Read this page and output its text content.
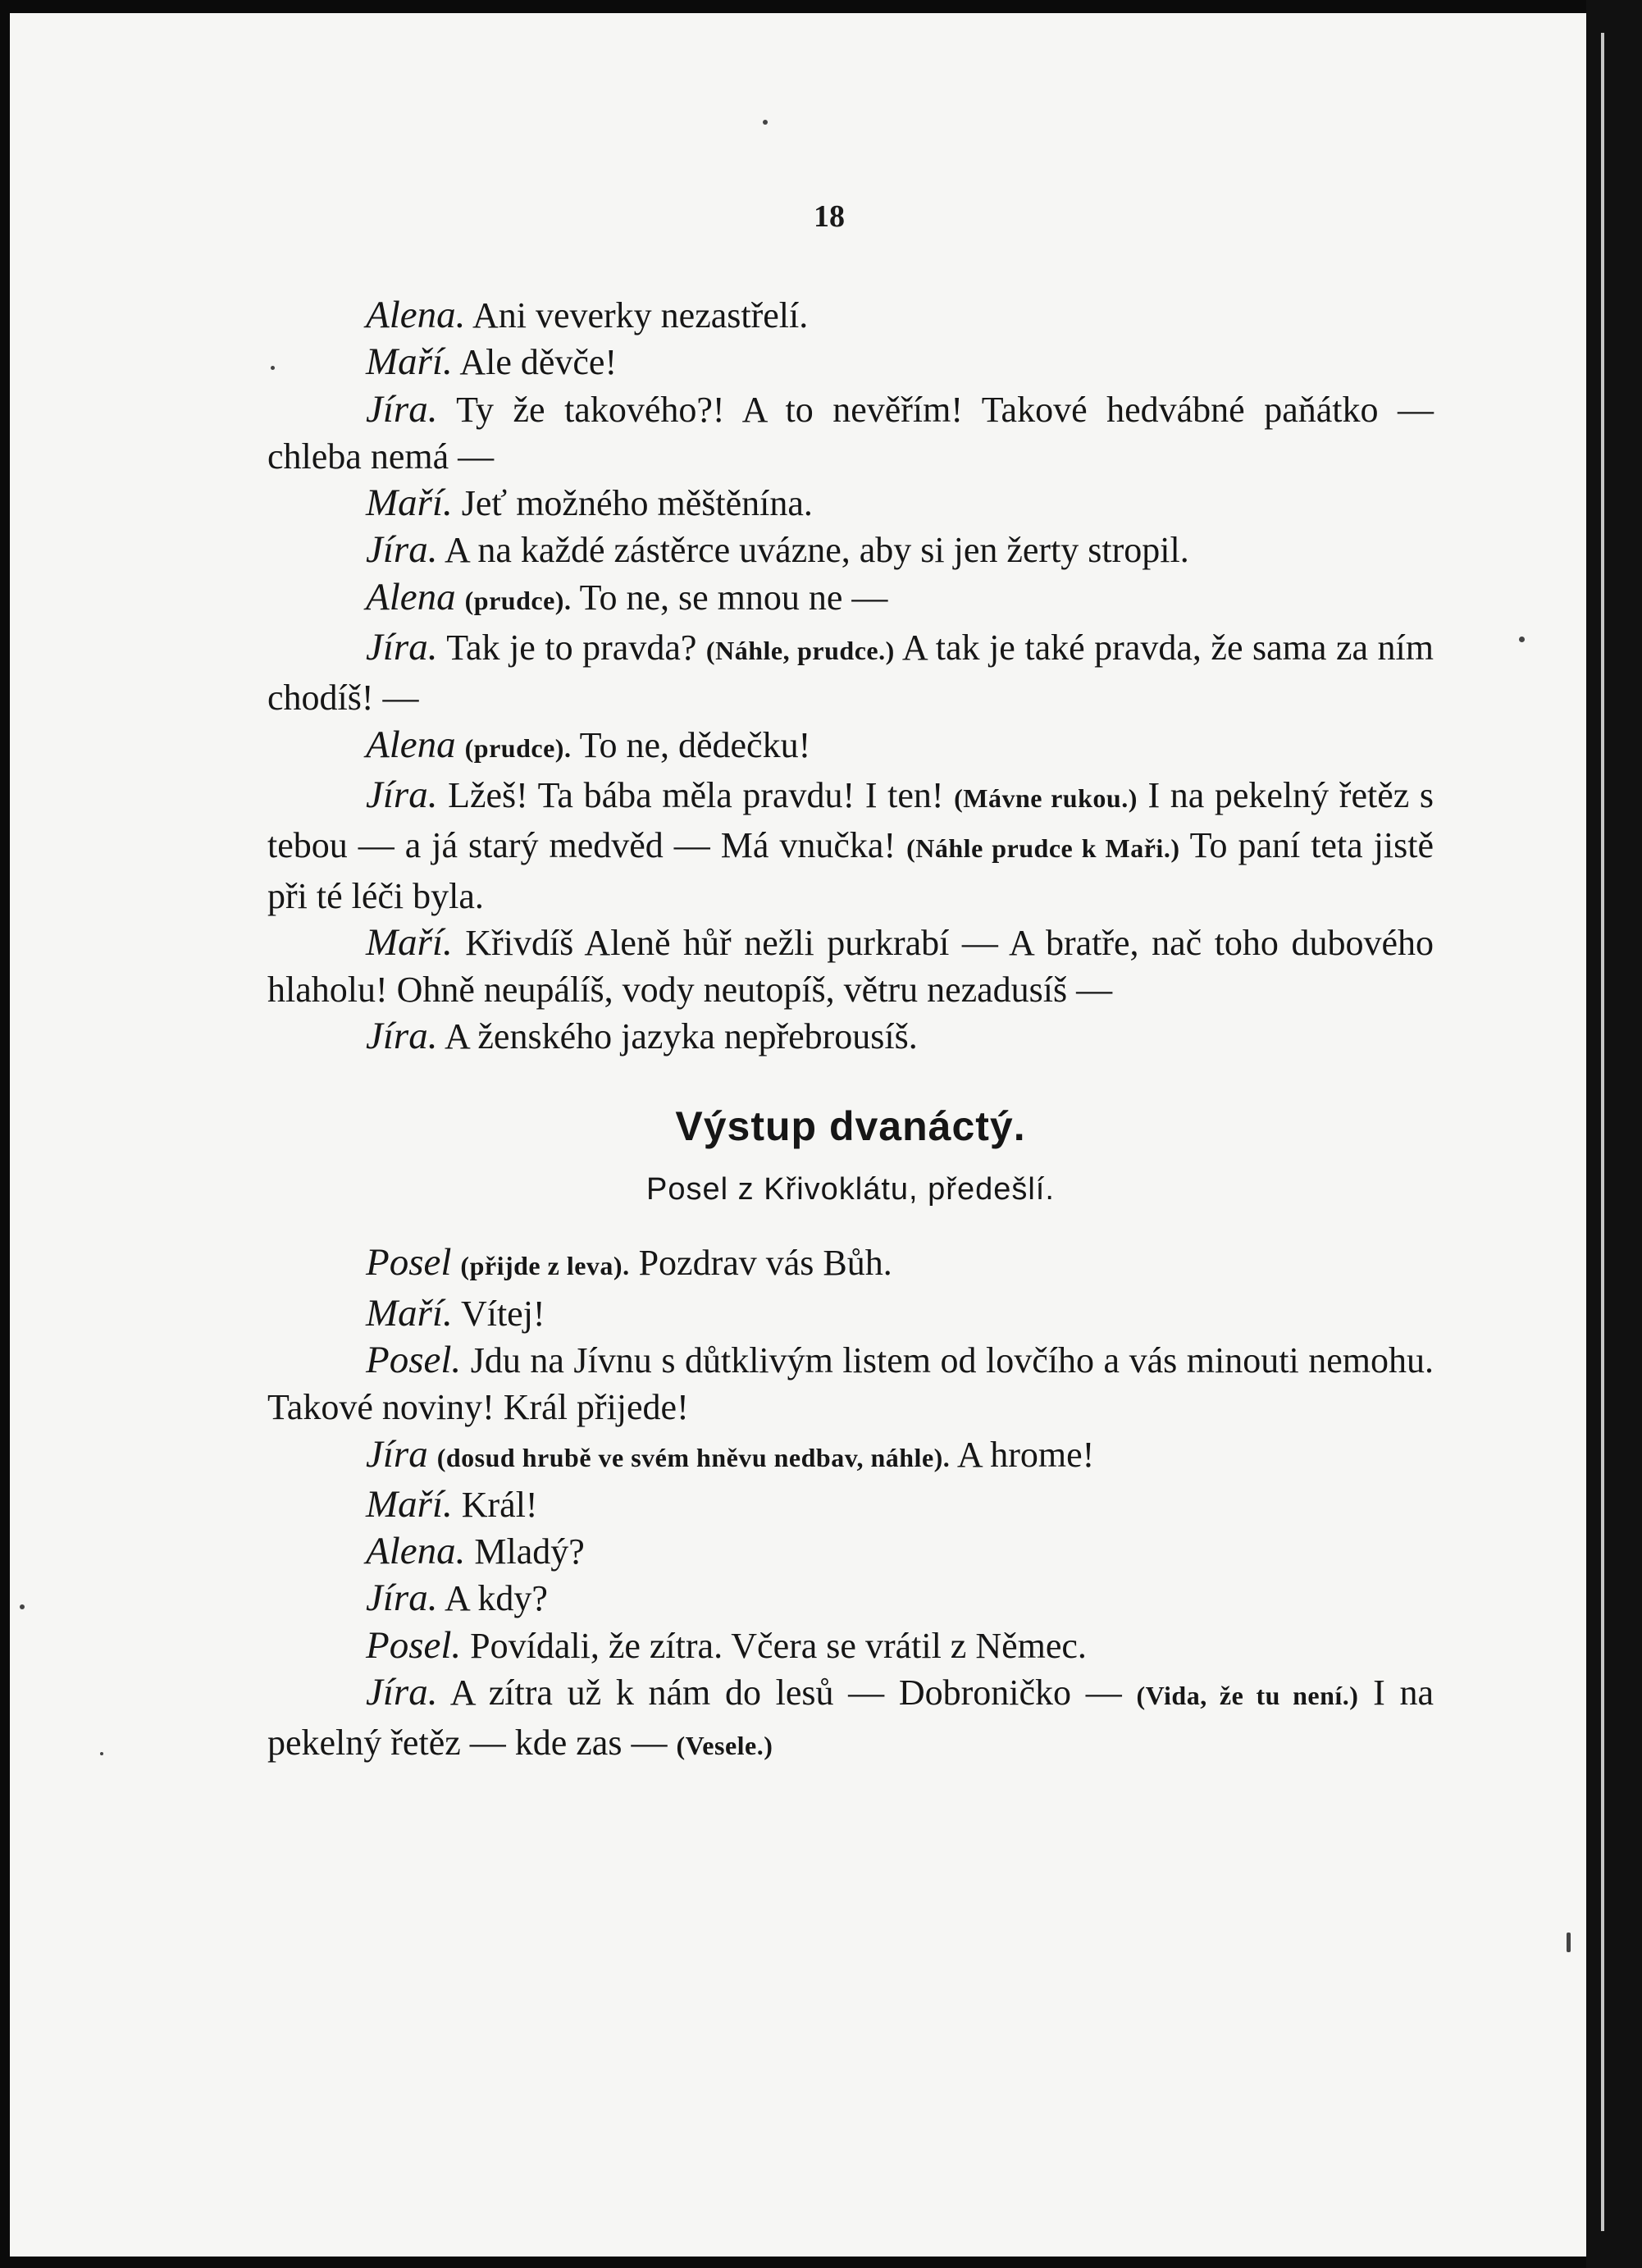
18

Alena. Ani veverky nezastřelí.

Maří. Ale děvče!

Jíra. Ty že takového?! A to nevěřím! Takové hedvábné paňátko — chleba nemá —

Maří. Jeť možného měštěnína.

Jíra. A na každé zástěrce uvázne, aby si jen žerty stropil.

Alena (prudce). To ne, se mnou ne —

Jíra. Tak je to pravda? (Náhle, prudce.) A tak je také pravda, že sama za ním chodíš! —

Alena (prudce). To ne, dědečku!

Jíra. Lžeš! Ta bába měla pravdu! I ten! (Mávne rukou.) I na pekelný řetěz s tebou — a já starý medvěd — Má vnučka! (Náhle prudce k Maři.) To paní teta jistě při té léči byla.

Maří. Křivdíš Aleně hůř nežli purkrabí — A bratře, nač toho dubového hlaholu! Ohně neupálíš, vody neutopíš, větru nezadusíš —

Jíra. A ženského jazyka nepřebrousíš.

Výstup dvanáctý.

Posel z Křivoklátu, předešlí.

Posel (přijde z leva). Pozdrav vás Bůh.

Maří. Vítej!

Posel. Jdu na Jívnu s důtklivým listem od lovčího a vás minouti nemohu. Takové noviny! Král přijede!

Jíra (dosud hrubě ve svém hněvu nedbav, náhle). A hrome!

Maří. Král!

Alena. Mladý?

Jíra. A kdy?

Posel. Povídali, že zítra. Včera se vrátil z Němec.

Jíra. A zítra už k nám do lesů — Dobroničko — (Vida, že tu není.) I na pekelný řetěz — kde zas — (Vesele.)
